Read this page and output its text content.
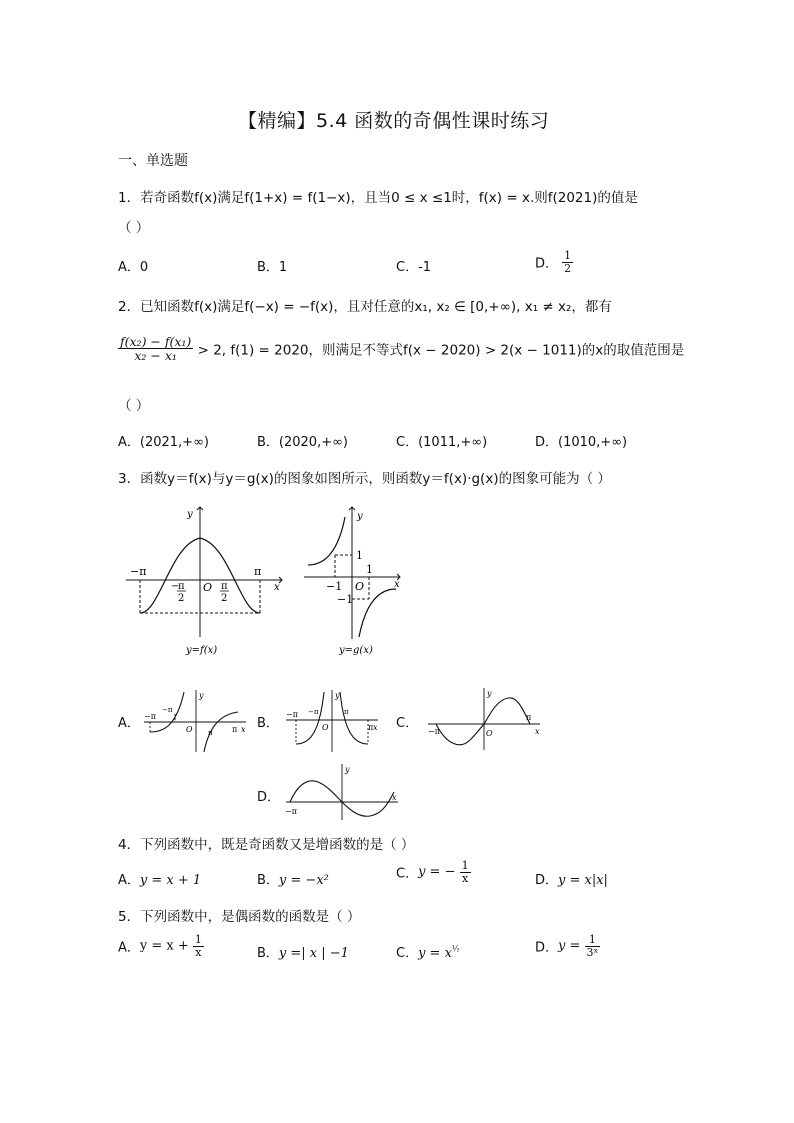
【精编】5.4 函数的奇偶性课时练习
一、单选题
1．若奇函数f(x)满足f(1+x) = f(1−x)，且当0 ≤ x ≤1时，f(x) = x.则f(2021)的值是
（ ）
A．0	B．1	C．-1	D． $\frac{1}{2}$
2．已知函数f(x)满足f(−x) = −f(x)，且对任意的x₁, x₂ ∈ [0,+∞), x₁ ≠ x₂，都有
$\frac{\text{f(x₂) − f(x₁)}}{\text{x₂ − x₁}} > 2$, f(1) = 2020，则满足不等式f(x − 2020) > 2(x − 1011)的x的取值范围是
（ ）
A．(2021,+∞)	B．(2020,+∞)	C．(1011,+∞)	D．(1010,+∞)
3．函数y＝f(x)与y＝g(x)的图象如图所示，则函数y＝f(x)·g(x)的图象可能为（ ）
y
x
−π	π
O
−
π
2
π
2
y=f(x)
y
x
1
−1
1
O
−1
y=g(x)
A．	B．	C．
D．
y
x
O
−π
π
−π
π
y
x
O
−π
π
−π	π
y
x
O
−π
π
y
x
−π
4．下列函数中，既是奇函数又是增函数的是（ ）
A．y = x + 1	B．y = −x²	C．y = − $\frac{1}{x}$	D．y = x|x|
5．下列函数中，是偶函数的函数是（ ）
A．$y = x + \frac{1}{x}$	B．y =| x | −1	C．$y = x^{\frac{1}{2}}$	D．$y = \frac{1}{\text{3ˣ}}$
